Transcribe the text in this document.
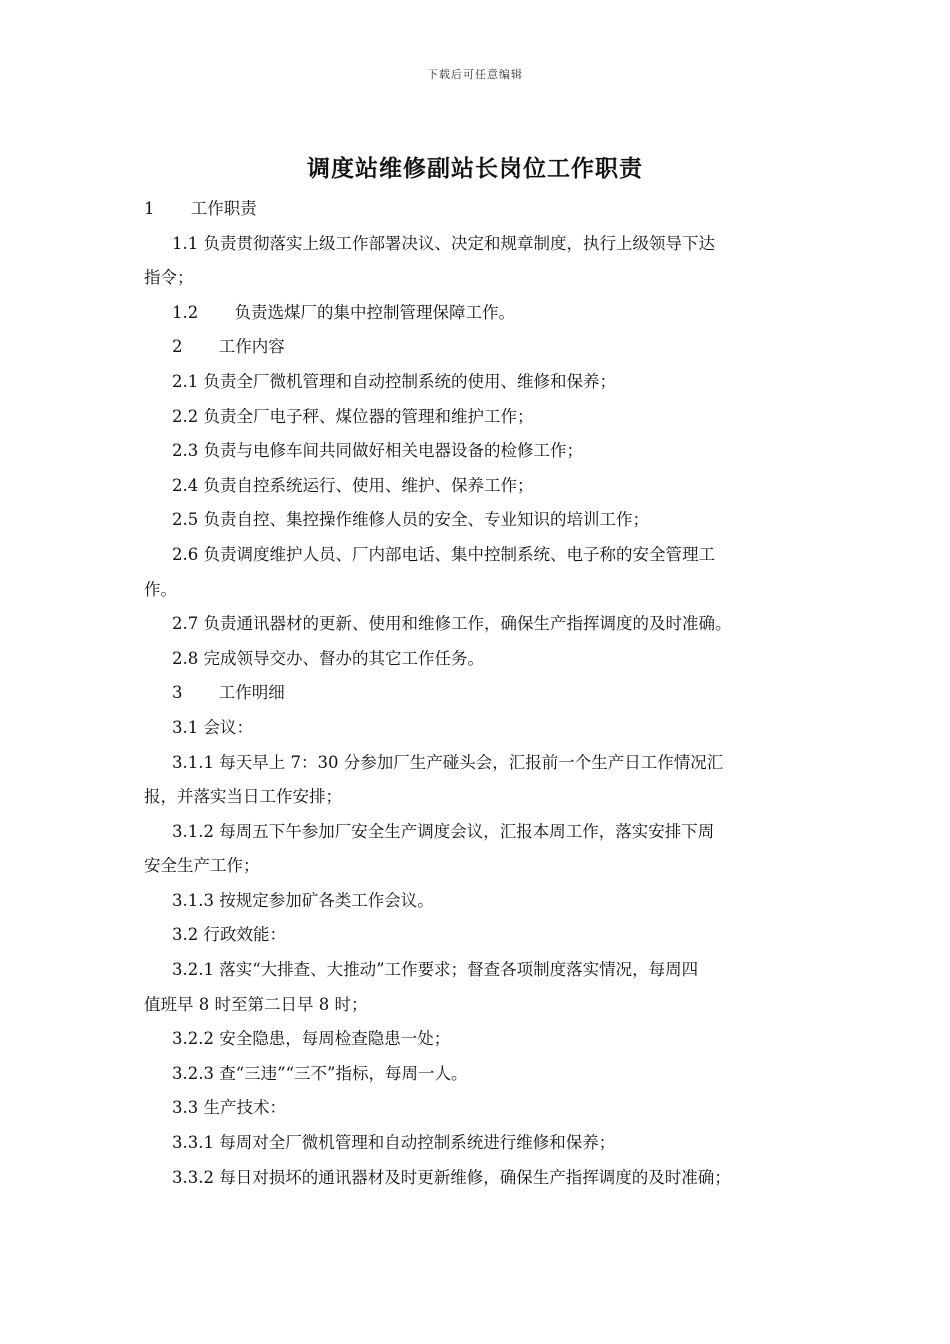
下载后可任意编辑
调度站维修副站长岗位工作职责
1 工作职责
1.1 负责贯彻落实上级工作部署决议、决定和规章制度，执行上级领导下达
指令；
1.2 负责选煤厂的集中控制管理保障工作。
2 工作内容
2.1 负责全厂微机管理和自动控制系统的使用、维修和保养；
2.2 负责全厂电子秤、煤位器的管理和维护工作；
2.3 负责与电修车间共同做好相关电器设备的检修工作；
2.4 负责自控系统运行、使用、维护、保养工作；
2.5 负责自控、集控操作维修人员的安全、专业知识的培训工作；
2.6 负责调度维护人员、厂内部电话、集中控制系统、电子称的安全管理工
作。
2.7 负责通讯器材的更新、使用和维修工作，确保生产指挥调度的及时准确。
2.8 完成领导交办、督办的其它工作任务。
3 工作明细
3.1 会议：
3.1.1 每天早上 7：30 分参加厂生产碰头会，汇报前一个生产日工作情况汇
报，并落实当日工作安排；
3.1.2 每周五下午参加厂安全生产调度会议，汇报本周工作，落实安排下周
安全生产工作；
3.1.3 按规定参加矿各类工作会议。
3.2 行政效能：
3.2.1 落实“大排查、大推动”工作要求；督查各项制度落实情况，每周四
值班早 8 时至第二日早 8 时；
3.2.2 安全隐患，每周检查隐患一处；
3.2.3 查“三违”“三不”指标，每周一人。
3.3 生产技术：
3.3.1 每周对全厂微机管理和自动控制系统进行维修和保养；
3.3.2 每日对损坏的通讯器材及时更新维修，确保生产指挥调度的及时准确；
